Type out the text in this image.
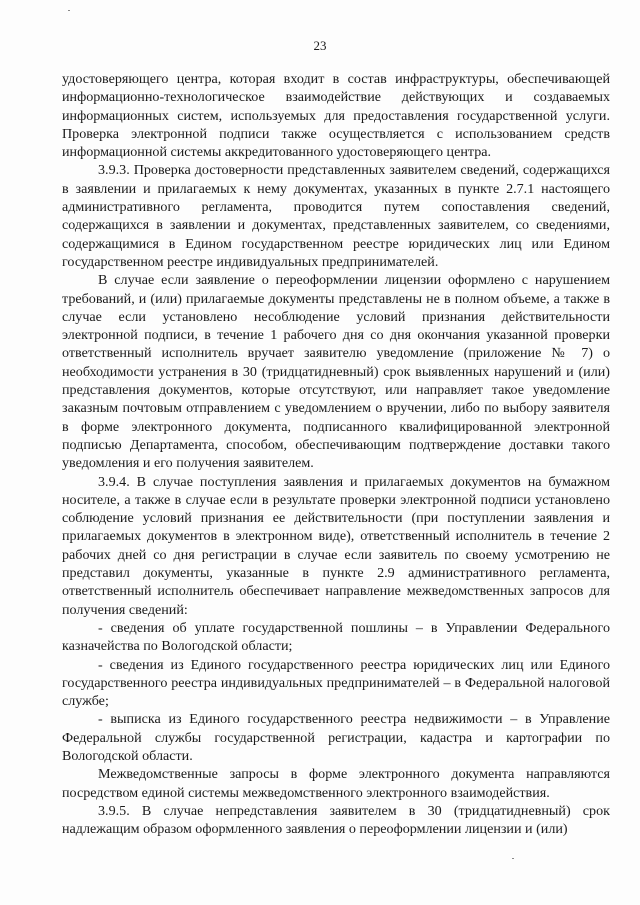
23

удостоверяющего центра, которая входит в состав инфраструктуры, обеспечивающей информационно-технологическое взаимодействие действующих и создаваемых информационных систем, используемых для предоставления государственной услуги. Проверка электронной подписи также осуществляется с использованием средств информационной системы аккредитованного удостоверяющего центра.

3.9.3. Проверка достоверности представленных заявителем сведений, содержащихся в заявлении и прилагаемых к нему документах, указанных в пункте 2.7.1 настоящего административного регламента, проводится путем сопоставления сведений, содержащихся в заявлении и документах, представленных заявителем, со сведениями, содержащимися в Едином государственном реестре юридических лиц или Едином государственном реестре индивидуальных предпринимателей.

В случае если заявление о переоформлении лицензии оформлено с нарушением требований, и (или) прилагаемые документы представлены не в полном объеме, а также в случае если установлено несоблюдение условий признания действительности электронной подписи, в течение 1 рабочего дня со дня окончания указанной проверки ответственный исполнитель вручает заявителю уведомление (приложение № 7) о необходимости устранения в 30 (тридцатидневный) срок выявленных нарушений и (или) представления документов, которые отсутствуют, или направляет такое уведомление заказным почтовым отправлением с уведомлением о вручении, либо по выбору заявителя в форме электронного документа, подписанного квалифицированной электронной подписью Департамента, способом, обеспечивающим подтверждение доставки такого уведомления и его получения заявителем.

3.9.4. В случае поступления заявления и прилагаемых документов на бумажном носителе, а также в случае если в результате проверки электронной подписи установлено соблюдение условий признания ее действительности (при поступлении заявления и прилагаемых документов в электронном виде), ответственный исполнитель в течение 2 рабочих дней со дня регистрации в случае если заявитель по своему усмотрению не представил документы, указанные в пункте 2.9 административного регламента, ответственный исполнитель обеспечивает направление межведомственных запросов для получения сведений:

- сведения об уплате государственной пошлины – в Управлении Федерального казначейства по Вологодской области;

- сведения из Единого государственного реестра юридических лиц или Единого государственного реестра индивидуальных предпринимателей – в Федеральной налоговой службе;

- выписка из Единого государственного реестра недвижимости – в Управление Федеральной службы государственной регистрации, кадастра и картографии по Вологодской области.

Межведомственные запросы в форме электронного документа направляются посредством единой системы межведомственного электронного взаимодействия.

3.9.5. В случае непредставления заявителем в 30 (тридцатидневный) срок надлежащим образом оформленного заявления о переоформлении лицензии и (или)
